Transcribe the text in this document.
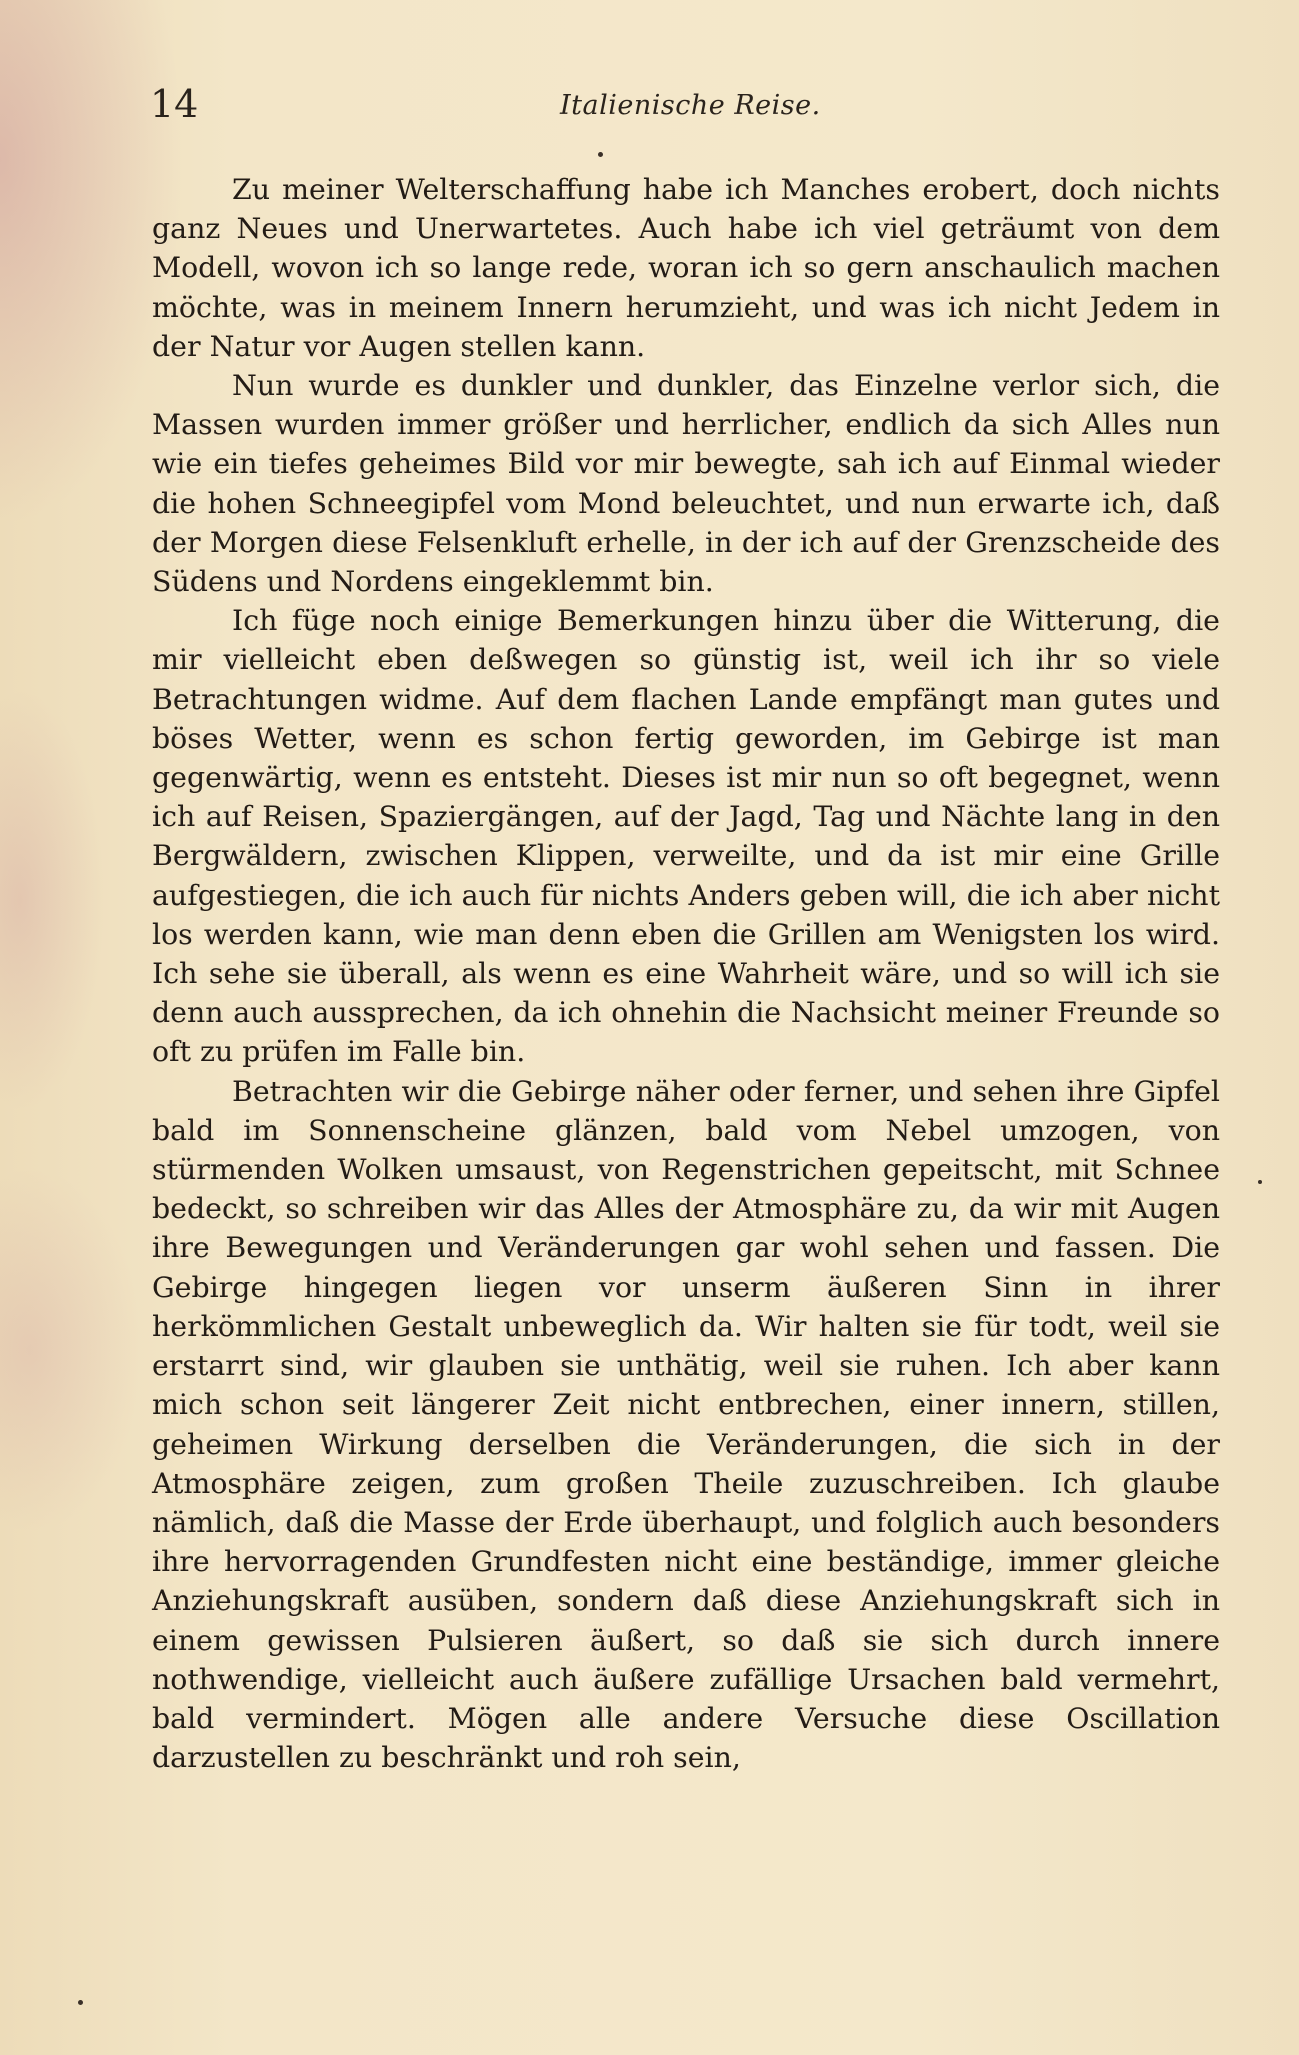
14	Italienische Reise.

Zu meiner Welterschaffung habe ich Manches erobert, doch nichts ganz Neues und Unerwartetes. Auch habe ich viel geträumt von dem Modell, wovon ich so lange rede, woran ich so gern anschaulich machen möchte, was in meinem Innern herumzieht, und was ich nicht Jedem in der Natur vor Augen stellen kann.

Nun wurde es dunkler und dunkler, das Einzelne verlor sich, die Massen wurden immer größer und herrlicher, endlich da sich Alles nun wie ein tiefes geheimes Bild vor mir bewegte, sah ich auf Einmal wieder die hohen Schneegipfel vom Mond beleuchtet, und nun erwarte ich, daß der Morgen diese Felsenkluft erhelle, in der ich auf der Grenzscheide des Südens und Nordens eingeklemmt bin.

Ich füge noch einige Bemerkungen hinzu über die Witterung, die mir vielleicht eben deßwegen so günstig ist, weil ich ihr so viele Betrachtungen widme. Auf dem flachen Lande empfängt man gutes und böses Wetter, wenn es schon fertig geworden, im Gebirge ist man gegenwärtig, wenn es entsteht. Dieses ist mir nun so oft begegnet, wenn ich auf Reisen, Spaziergängen, auf der Jagd, Tag und Nächte lang in den Bergwäldern, zwischen Klippen, verweilte, und da ist mir eine Grille aufgestiegen, die ich auch für nichts Anders geben will, die ich aber nicht los werden kann, wie man denn eben die Grillen am Wenigsten los wird. Ich sehe sie überall, als wenn es eine Wahrheit wäre, und so will ich sie denn auch aussprechen, da ich ohnehin die Nachsicht meiner Freunde so oft zu prüfen im Falle bin.

Betrachten wir die Gebirge näher oder ferner, und sehen ihre Gipfel bald im Sonnenscheine glänzen, bald vom Nebel umzogen, von stürmenden Wolken umsaust, von Regenstrichen gepeitscht, mit Schnee bedeckt, so schreiben wir das Alles der Atmosphäre zu, da wir mit Augen ihre Bewegungen und Veränderungen gar wohl sehen und fassen. Die Gebirge hingegen liegen vor unserm äußeren Sinn in ihrer herkömmlichen Gestalt unbeweglich da. Wir halten sie für todt, weil sie erstarrt sind, wir glauben sie unthätig, weil sie ruhen. Ich aber kann mich schon seit längerer Zeit nicht entbrechen, einer innern, stillen, geheimen Wirkung derselben die Veränderungen, die sich in der Atmosphäre zeigen, zum großen Theile zuzuschreiben. Ich glaube nämlich, daß die Masse der Erde überhaupt, und folglich auch besonders ihre hervorragenden Grundfesten nicht eine beständige, immer gleiche Anziehungskraft ausüben, sondern daß diese Anziehungskraft sich in einem gewissen Pulsieren äußert, so daß sie sich durch innere nothwendige, vielleicht auch äußere zufällige Ursachen bald vermehrt, bald vermindert. Mögen alle andere Versuche diese Oscillation darzustellen zu beschränkt und roh sein,
